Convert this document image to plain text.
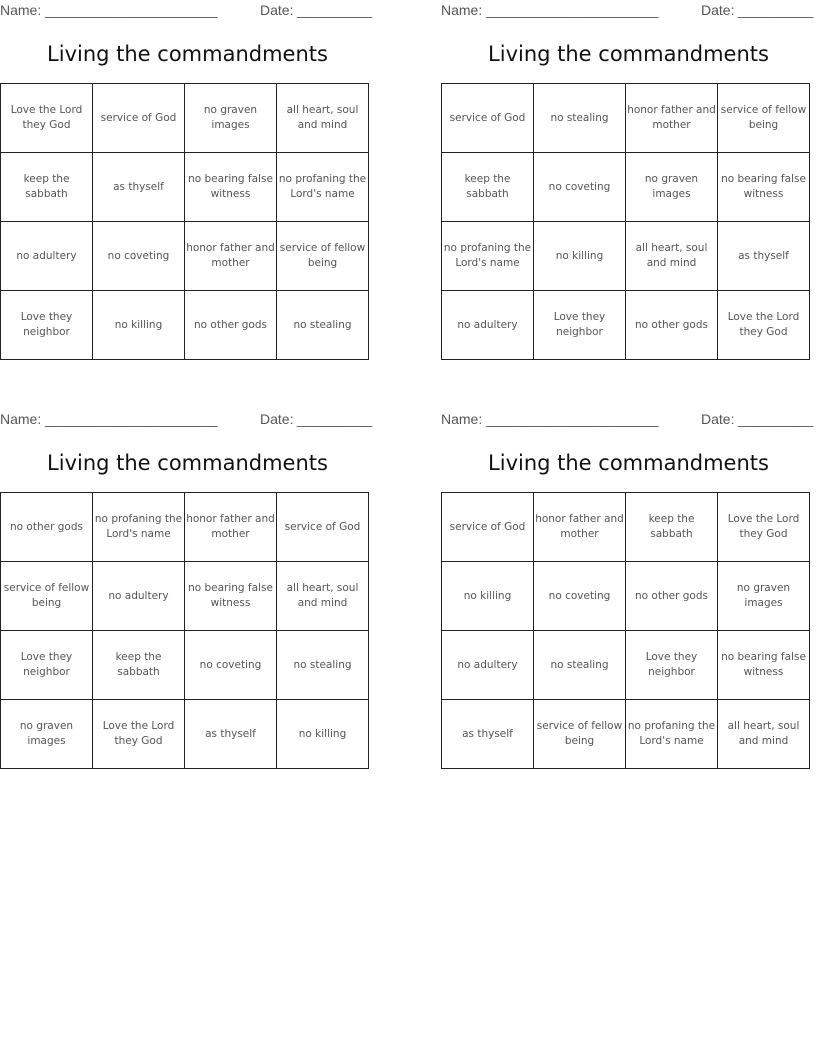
Name: _______________________	Date: __________
Living the commandments
Love the Lord they God	service of God	no graven images	all heart, soul and mind
keep the sabbath	as thyself	no bearing false witness	no profaning the Lord's name
no adultery	no coveting	honor father and mother	service of fellow being
Love they neighbor	no killing	no other gods	no stealing
Name: _______________________	Date: __________
Living the commandments
service of God	no stealing	honor father and mother	service of fellow being
keep the sabbath	no coveting	no graven images	no bearing false witness
no profaning the Lord's name	no killing	all heart, soul and mind	as thyself
no adultery	Love they neighbor	no other gods	Love the Lord they God
Name: _______________________	Date: __________
Living the commandments
no other gods	no profaning the Lord's name	honor father and mother	service of God
service of fellow being	no adultery	no bearing false witness	all heart, soul and mind
Love they neighbor	keep the sabbath	no coveting	no stealing
no graven images	Love the Lord they God	as thyself	no killing
Name: _______________________	Date: __________
Living the commandments
service of God	honor father and mother	keep the sabbath	Love the Lord they God
no killing	no coveting	no other gods	no graven images
no adultery	no stealing	Love they neighbor	no bearing false witness
as thyself	service of fellow being	no profaning the Lord's name	all heart, soul and mind
